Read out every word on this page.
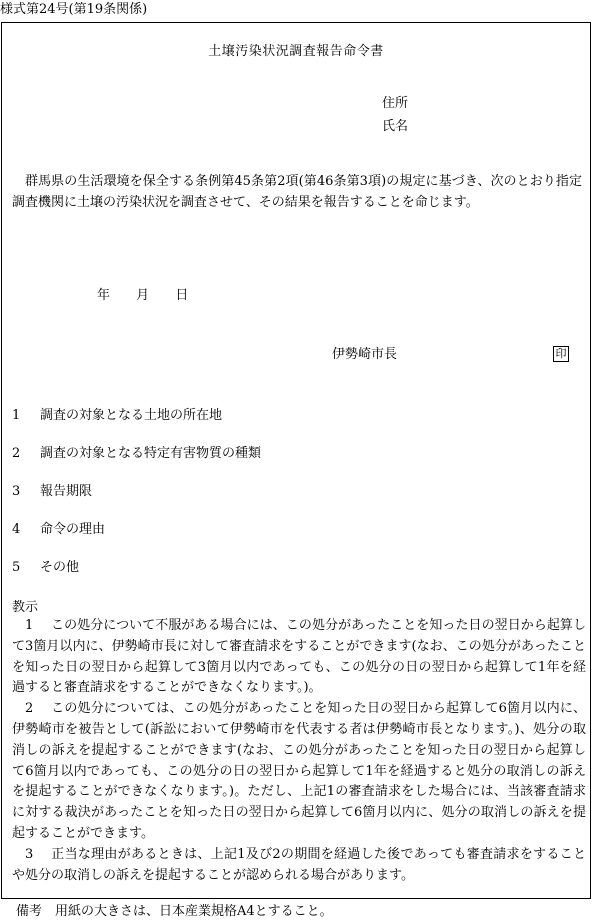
様式第24号(第19条関係)
土壌汚染状況調査報告命令書
住所
氏名
群馬県の生活環境を保全する条例第45条第2項(第46条第3項)の規定に基づき、次のとおり指定調査機関に土壌の汚染状況を調査させて、その結果を報告することを命じます。
年 月 日
伊勢崎市長	印
1 調査の対象となる土地の所在地
2 調査の対象となる特定有害物質の種類
3 報告期限
4 命令の理由
5 その他
教示
1 この処分について不服がある場合には、この処分があったことを知った日の翌日から起算して3箇月以内に、伊勢崎市長に対して審査請求をすることができます(なお、この処分があったことを知った日の翌日から起算して3箇月以内であっても、この処分の日の翌日から起算して1年を経過すると審査請求をすることができなくなります。)。
2 この処分については、この処分があったことを知った日の翌日から起算して6箇月以内に、伊勢崎市を被告として(訴訟において伊勢崎市を代表する者は伊勢崎市長となります。)、処分の取消しの訴えを提起することができます(なお、この処分があったことを知った日の翌日から起算して6箇月以内であっても、この処分の日の翌日から起算して1年を経過すると処分の取消しの訴えを提起することができなくなります。)。ただし、上記1の審査請求をした場合には、当該審査請求に対する裁決があったことを知った日の翌日から起算して6箇月以内に、処分の取消しの訴えを提起することができます。
3 正当な理由があるときは、上記1及び2の期間を経過した後であっても審査請求をすることや処分の取消しの訴えを提起することが認められる場合があります。
備考 用紙の大きさは、日本産業規格A4とすること。
